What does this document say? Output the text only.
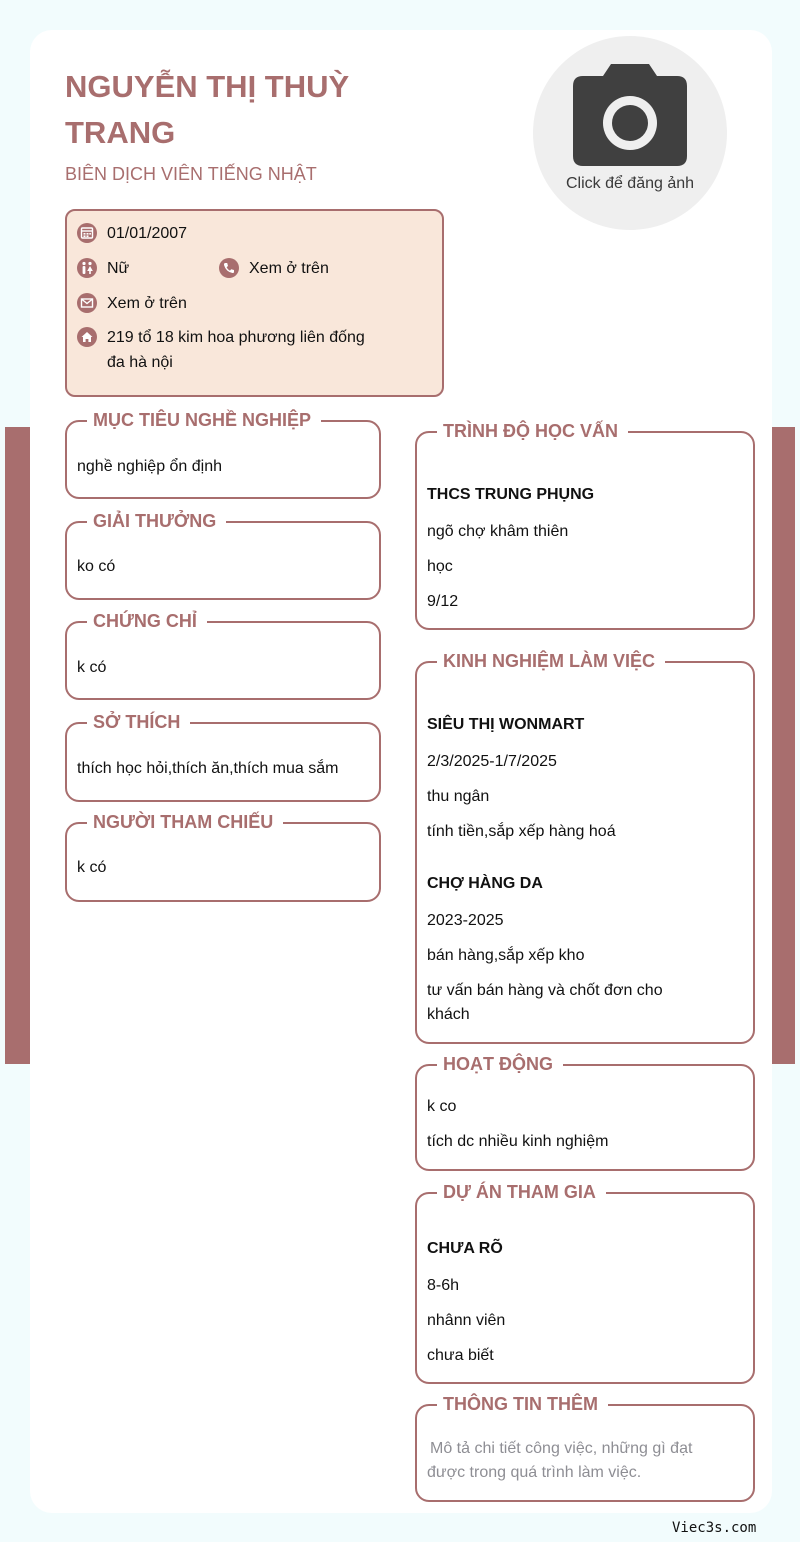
NGUYỄN THỊ THUỲ
TRANG
BIÊN DỊCH VIÊN TIẾNG NHẬT	Click để đăng ảnh
01/01/2007
Nữ	Xem ở trên
Xem ở trên
219 tổ 18 kim hoa phương liên đống
đa hà nội
MỤC TIÊU NGHỀ NGHIỆP
nghề nghiệp ổn định
GIẢI THƯỞNG
ko có
CHỨNG CHỈ
k có
SỞ THÍCH
thích học hỏi,thích ăn,thích mua sắm
NGƯỜI THAM CHIẾU
k có
TRÌNH ĐỘ HỌC VẤN
THCS TRUNG PHỤNG
ngõ chợ khâm thiên
học
9/12
KINH NGHIỆM LÀM VIỆC
SIÊU THỊ WONMART
2/3/2025-1/7/2025
thu ngân
tính tiền,sắp xếp hàng hoá
CHỢ HÀNG DA
2023-2025
bán hàng,sắp xếp kho
tư vấn bán hàng và chốt đơn cho
khách
HOẠT ĐỘNG
k co
tích dc nhiều kinh nghiệm
DỰ ÁN THAM GIA
CHƯA RÕ
8-6h
nhânn viên
chưa biết
THÔNG TIN THÊM
Mô tả chi tiết công việc, những gì đạt
được trong quá trình làm việc.
Viec3s.com
